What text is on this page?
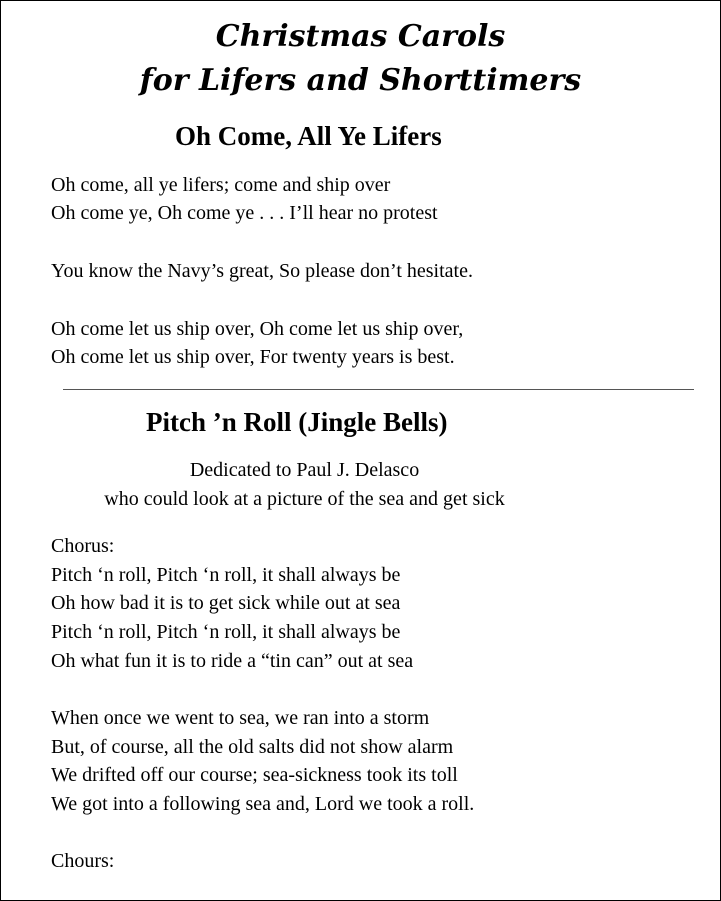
Christmas Carols
for Lifers and Shorttimers
Oh Come, All Ye Lifers

Oh come, all ye lifers; come and ship over

Oh come ye, Oh come ye . . . I’ll hear no protest

You know the Navy’s great, So please don’t hesitate.

Oh come let us ship over, Oh come let us ship over,

Oh come let us ship over, For twenty years is best.

Pitch ’n Roll (Jingle Bells)

Dedicated to Paul J. Delasco

who could look at a picture of the sea and get sick

Chorus:

Pitch ‘n roll, Pitch ‘n roll, it shall always be

Oh how bad it is to get sick while out at sea

Pitch ‘n roll, Pitch ‘n roll, it shall always be

Oh what fun it is to ride a “tin can” out at sea

When once we went to sea, we ran into a storm

But, of course, all the old salts did not show alarm

We drifted off our course; sea-sickness took its toll

We got into a following sea and, Lord we took a roll.

Chours:
